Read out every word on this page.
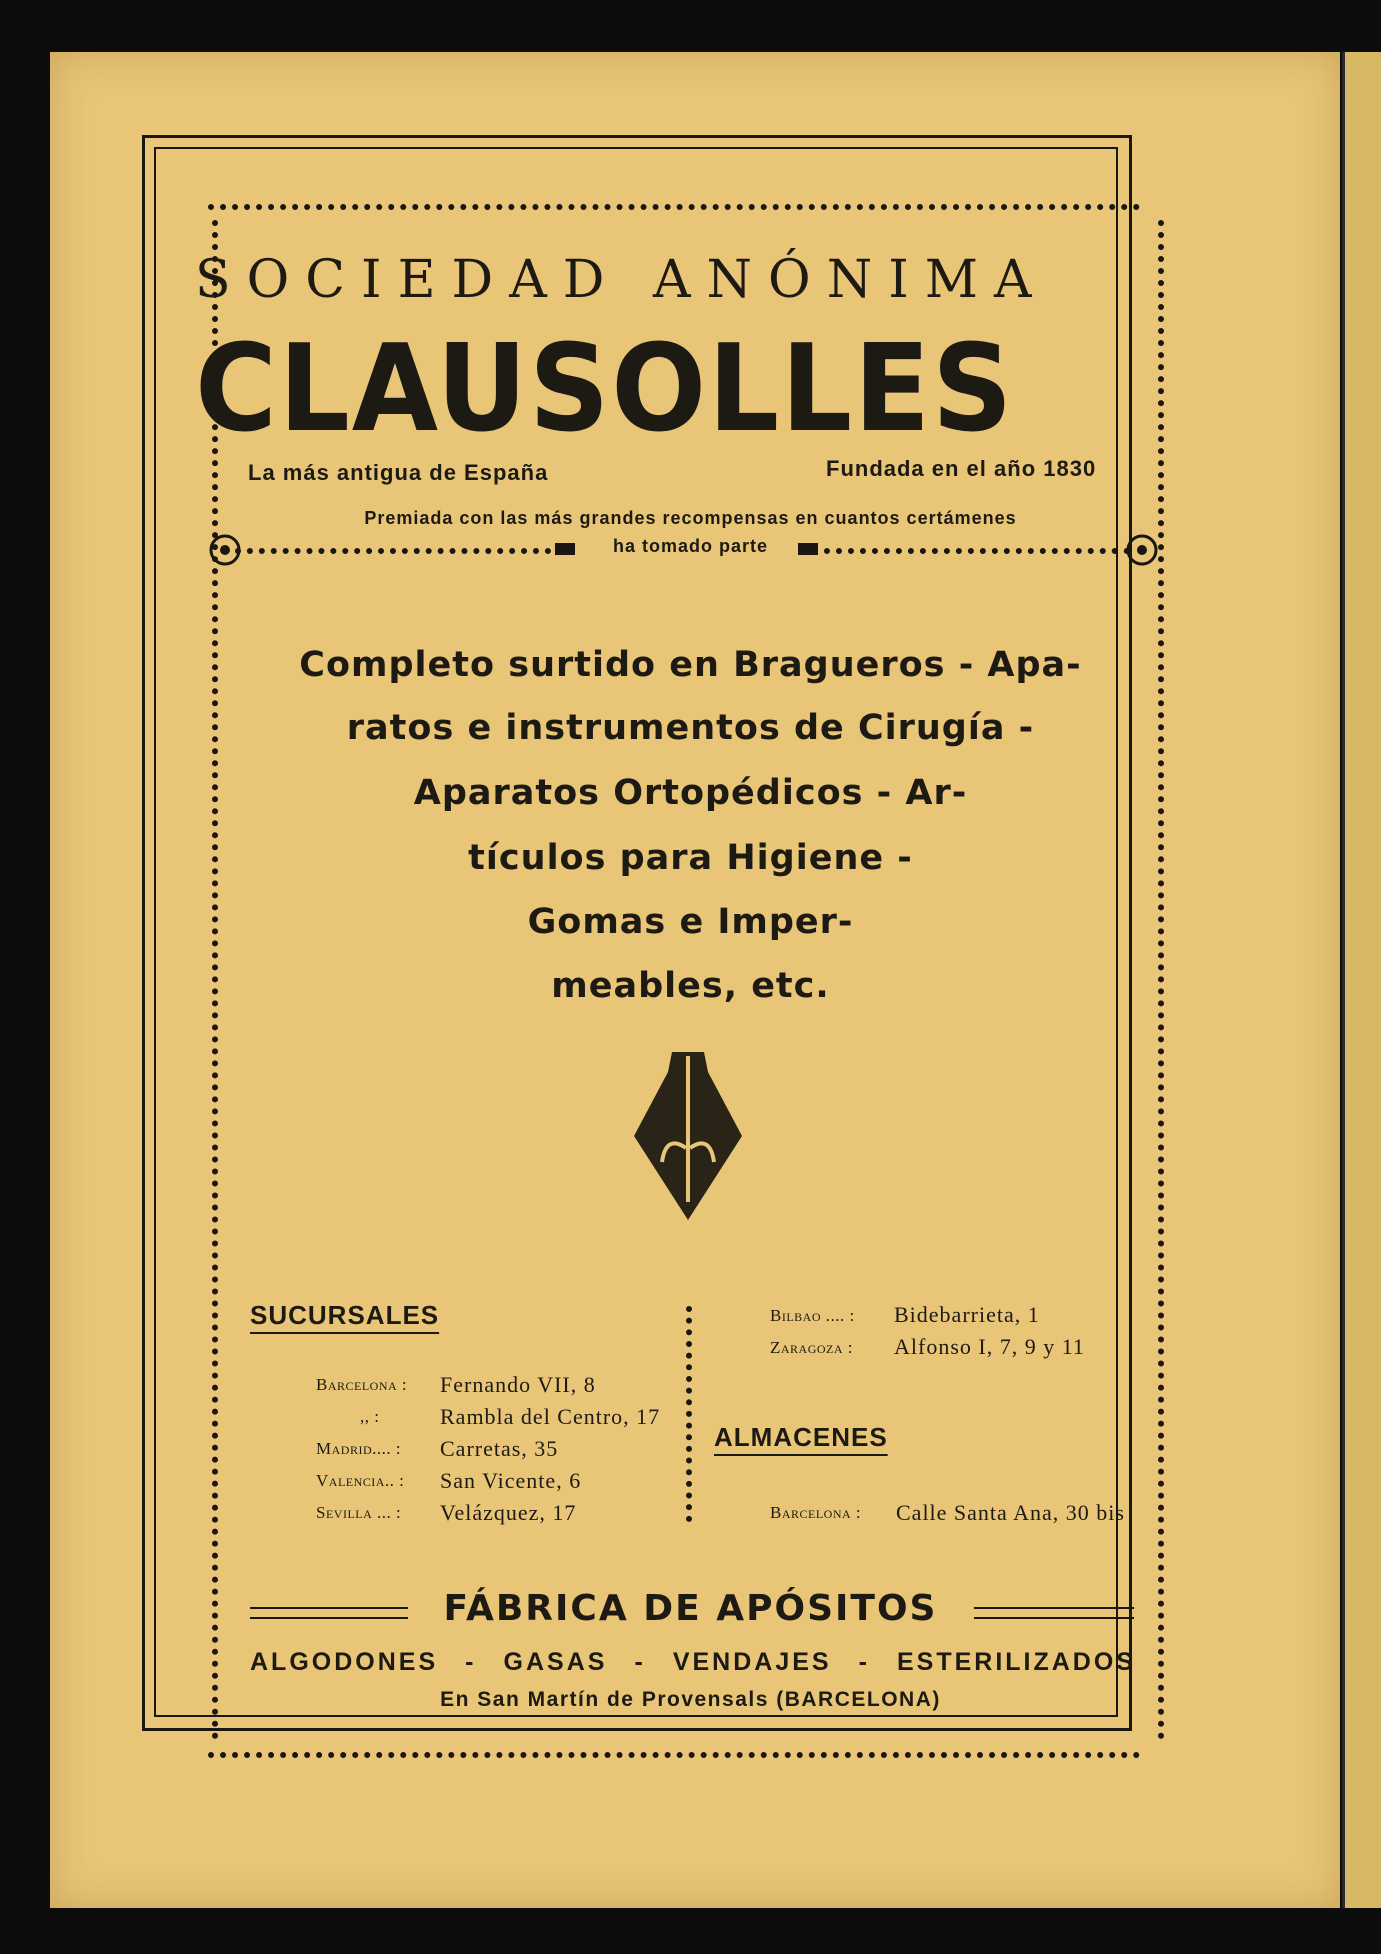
SOCIEDAD ANÓNIMA
CLAUSOLLES
La más antigua de España	Fundada en el año 1830
Premiada con las más grandes recompensas en cuantos certámenes
ha tomado parte
Completo surtido en Bragueros - Apa-
ratos e instrumentos de Cirugía -
Aparatos Ortopédicos - Ar-
tículos para Higiene -
Gomas e Imper-
meables, etc.
SUCURSALES
Barcelona : Fernando VII, 8
,, :	Rambla del Centro, 17
Madrid.... : Carretas, 35
Valencia.. : San Vicente, 6
Sevilla ... : Velázquez, 17
Bilbao .... : Bidebarrieta, 1
Zaragoza : Alfonso I, 7, 9 y 11
ALMACENES
Barcelona : Calle Santa Ana, 30 bis
FÁBRICA DE APÓSITOS
ALGODONES - GASAS - VENDAJES - ESTERILIZADOS
En San Martín de Provensals (BARCELONA)
